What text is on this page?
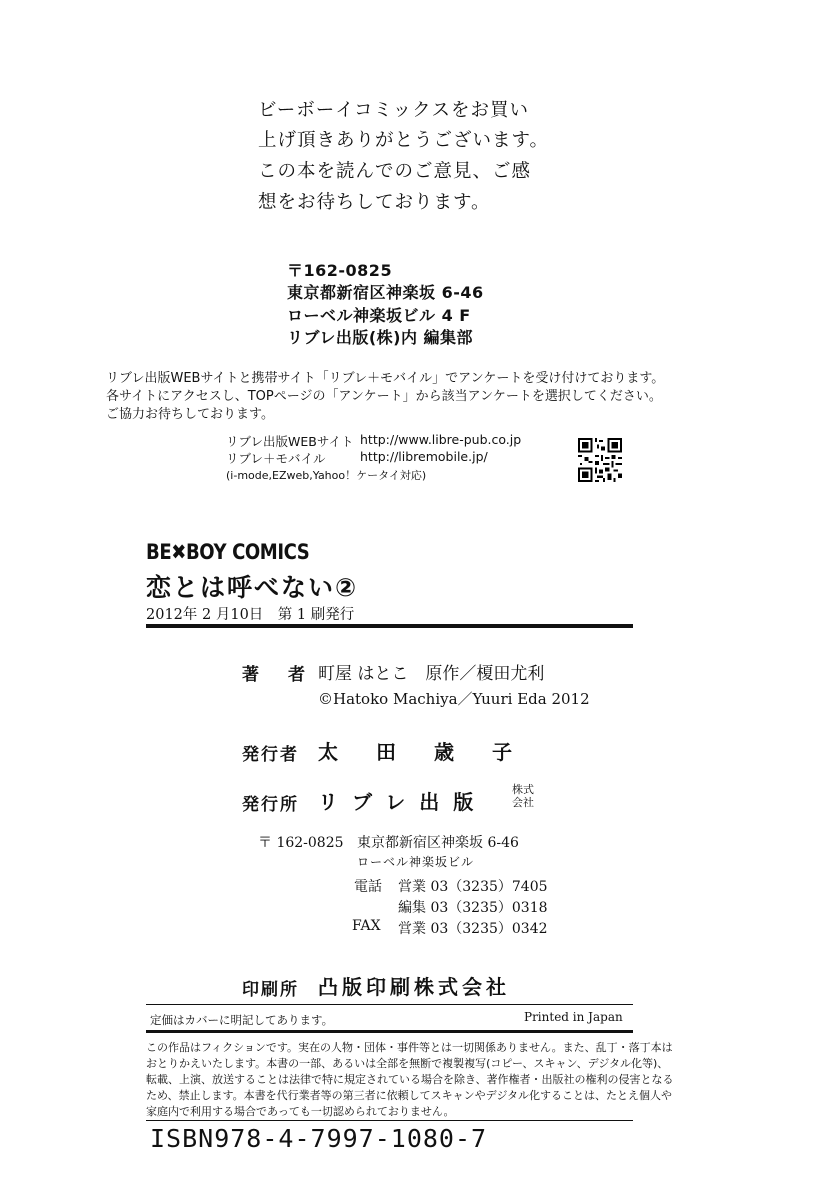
ビーボーイコミックスをお買い
上げ頂きありがとうございます。
この本を読んでのご意見、ご感
想をお待ちしております。
〒162-0825
東京都新宿区神楽坂 6-46
ローベル神楽坂ビル 4 F
リブレ出版(株)内 編集部
リブレ出版WEBサイトと携帯サイト「リブレ＋モバイル」でアンケートを受け付けております。
各サイトにアクセスし、TOPページの「アンケート」から該当アンケートを選択してください。
ご協力お待ちしております。
リブレ出版WEBサイト http://www.libre-pub.co.jp
リブレ＋モバイル	http://libremobile.jp/
(i-mode,EZweb,Yahoo！ケータイ対応)
BE✖BOY COMICS
恋とは呼べない②
2012年 2 月10日　第 1 刷発行
著　者 町屋 はとこ　原作／榎田尤利
©Hatoko Machiya／Yuuri Eda 2012
発行者 太田歳子
発行所 リブレ出版
株式
会社
〒 162-0825 東京都新宿区神楽坂 6-46
ローベル神楽坂ビル
電話 営業 03（3235）7405
編集 03（3235）0318
FAX 営業 03（3235）0342
印刷所 凸版印刷株式会社
定価はカバーに明記してあります。	Printed in Japan
この作品はフィクションです。実在の人物・団体・事件等とは一切関係ありません。また、乱丁・落丁本は
おとりかえいたします。本書の一部、あるいは全部を無断で複製複写(コピー、スキャン、デジタル化等)、
転載、上演、放送することは法律で特に規定されている場合を除き、著作権者・出版社の権利の侵害となる
ため、禁止します。本書を代行業者等の第三者に依頼してスキャンやデジタル化することは、たとえ個人や
家庭内で利用する場合であっても一切認められておりません。
ISBN978-4-7997-1080-7
